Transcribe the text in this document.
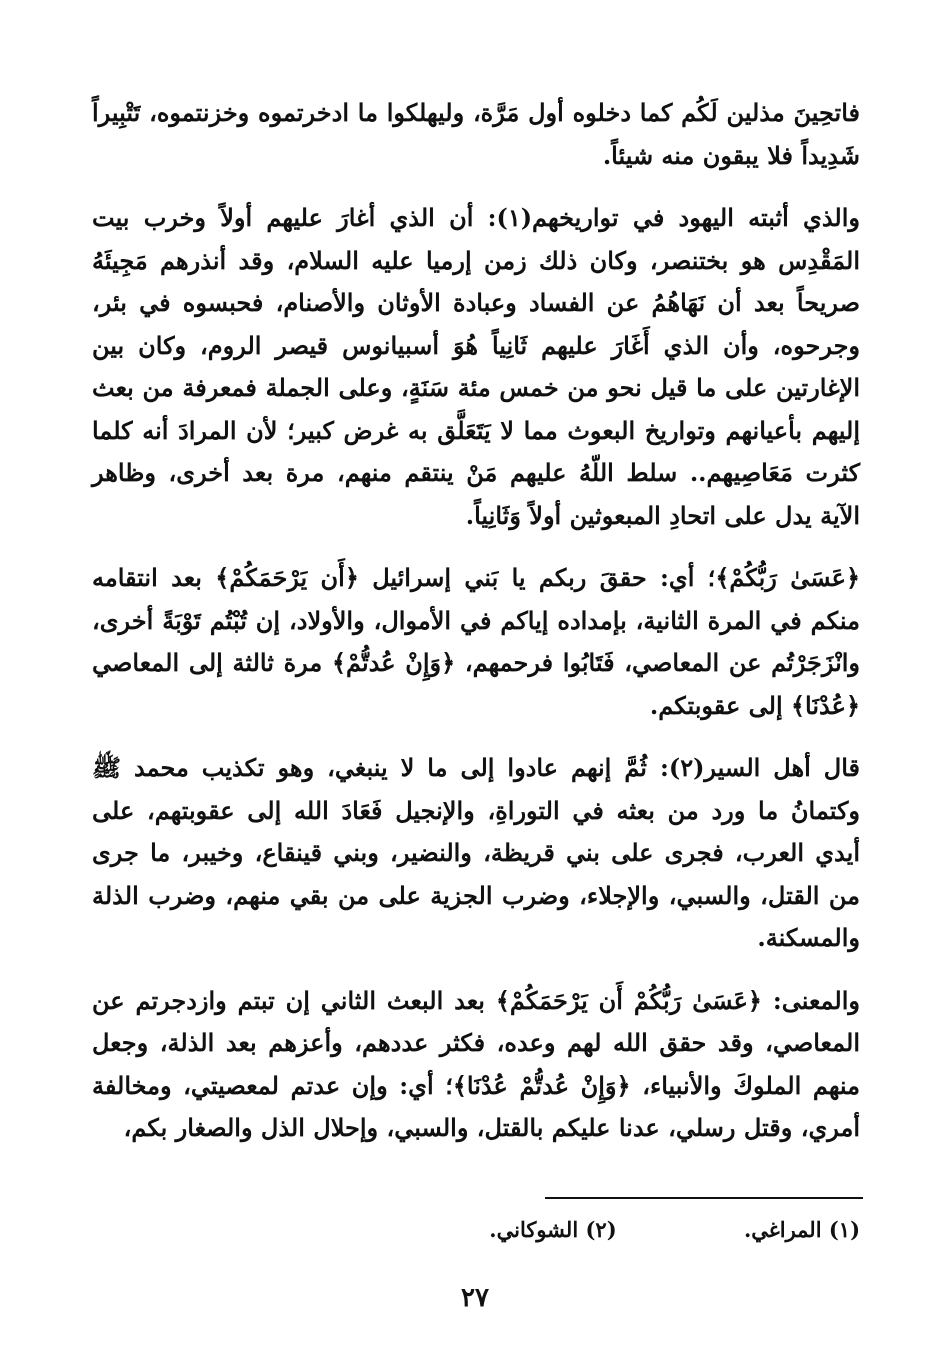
فاتحِينَ مذلين لَكُم كما دخلوه أول مَرَّة، وليهلكوا ما ادخرتموه وخزنتموه، تَتْبِيراً شَدِيداً فلا يبقون منه شيئاً.

والذي أثبته اليهود في تواريخهم(١): أن الذي أغارَ عليهم أولاً وخرب بيت المَقْدِس هو بختنصر، وكان ذلك زمن إرميا عليه السلام، وقد أنذرهم مَجِيئَهُ صريحاً بعد أن نَهَاهُمُ عن الفساد وعبادة الأوثان والأصنام، فحبسوه في بئر، وجرحوه، وأن الذي أَغَارَ عليهم ثَانِياً هُوَ أسبيانوس قيصر الروم، وكان بين الإغارتين على ما قيل نحو من خمس مئة سَنَةٍ، وعلى الجملة فمعرفة من بعث إليهم بأعيانهم وتواريخ البعوث مما لا يَتَعَلَّق به غرض كبير؛ لأن المرادَ أنه كلما كثرت مَعَاصِيهم.. سلط اللّهُ عليهم مَنْ ينتقم منهم، مرة بعد أخرى، وظاهر الآية يدل على اتحادِ المبعوثين أولاً وَثَانِياً.

﴿عَسَىٰ رَبُّكُمْ﴾؛ أي: حققَ ربكم يا بَني إسرائيل ﴿أَن يَرْحَمَكُمْ﴾ بعد انتقامه منكم في المرة الثانية، بإمداده إياكم في الأموال، والأولاد، إن تُبْتُم تَوْبَةً أخرى، وانْزَجَرْتُم عن المعاصي، فَتَابُوا فرحمهم، ﴿وَإِنْ عُدتُّمْ﴾ مرة ثالثة إلى المعاصي ﴿عُدْنَا﴾ إلى عقوبتكم.

قال أهل السير(٢): ثُمَّ إنهم عادوا إلى ما لا ينبغي، وهو تكذيب محمد ﷺ وكتمانُ ما ورد من بعثه في التوراةِ، والإنجيل فَعَادَ الله إلى عقوبتهم، على أيدي العرب، فجرى على بني قريظة، والنضير، وبني قينقاع، وخيبر، ما جرى من القتل، والسبي، والإجلاء، وضرب الجزية على من بقي منهم، وضرب الذلة والمسكنة.

والمعنى: ﴿عَسَىٰ رَبُّكُمْ أَن يَرْحَمَكُمْ﴾ بعد البعث الثاني إن تبتم وازدجرتم عن المعاصي، وقد حقق الله لهم وعده، فكثر عددهم، وأعزهم بعد الذلة، وجعل منهم الملوكَ والأنبياء، ﴿وَإِنْ عُدتُّمْ عُدْنَا﴾؛ أي: وإن عدتم لمعصيتي، ومخالفة أمري، وقتل رسلي، عدنا عليكم بالقتل، والسبي، وإحلال الذل والصغار بكم،

(١) المراغي. (٢) الشوكاني.
٢٧
